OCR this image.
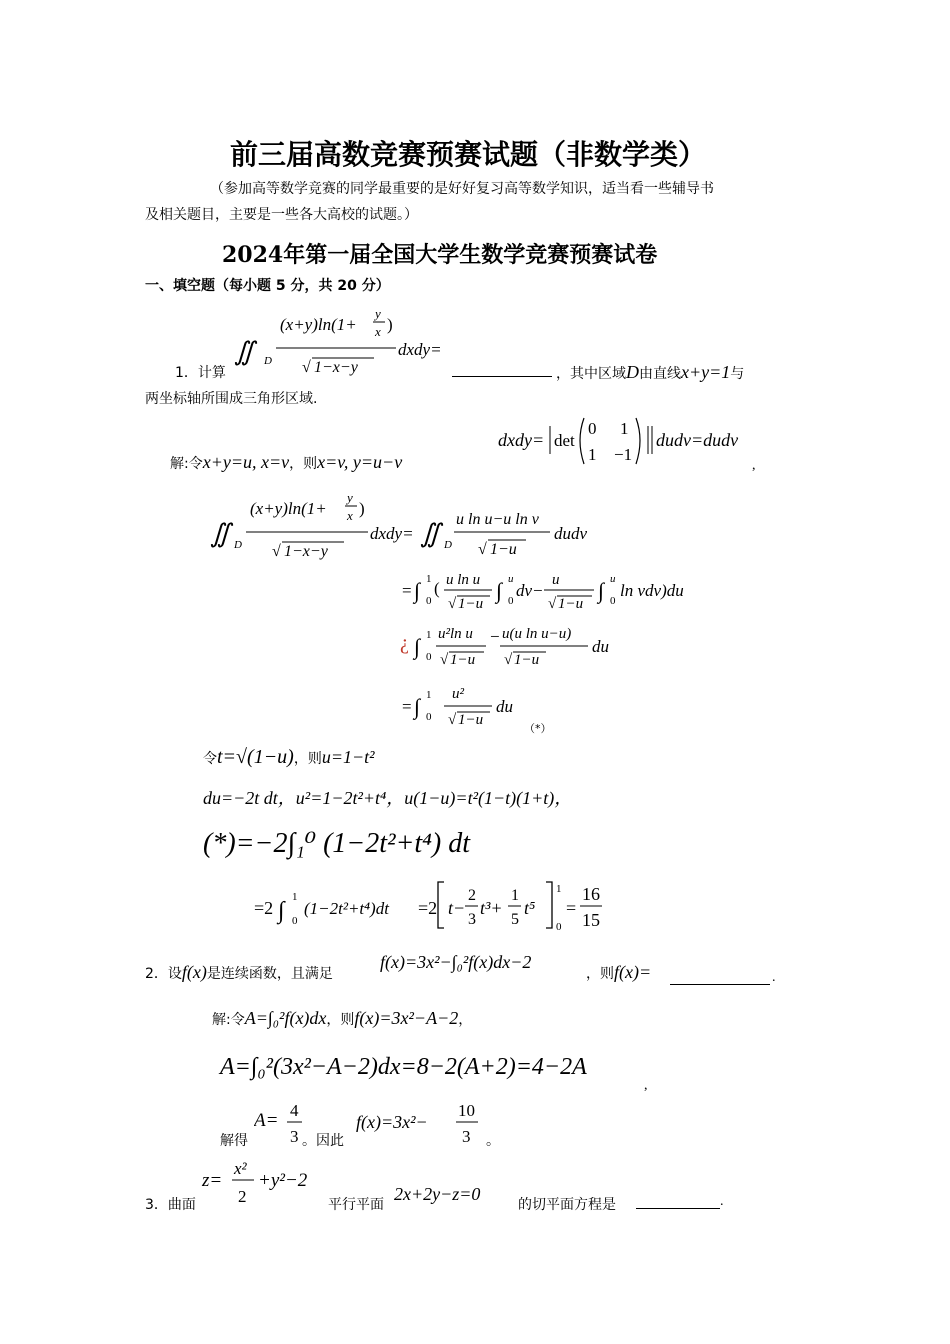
前三届高数竞赛预赛试题（非数学类）
（参加高等数学竞赛的同学最重要的是好好复习高等数学知识，适当看一些辅导书
及相关题目，主要是一些各大高校的试题。）
2024年第一届全国大学生数学竞赛预赛试卷
一、填空题（每小题 5 分，共 20 分）
1．计算
∬ D
(x+y)ln(1+
y
x )
√ 1−x−y
dxdy=
，其中区域D由直线x+y=1与
两坐标轴所围成三角形区域.
解:令x+y=u, x=v，则x=v, y=u−v
dxdy= det
0 1
1 −1
dudv=dudv
,
∬ D
(x+y)ln(1+
y
x )
√ 1−x−y
dxdy= ∬ D
u ln u−u ln v
√ 1−u
dudv
= ∫ 1
0
( u ln u
√ 1−u
∫ u
0
dv−
u
√ 1−u
∫ u
0
ln vdv)du
¿ ∫ 1
0
u²ln u
√ 1−u
− u(u ln u−u)
√ 1−u
du
= ∫ 1
0
u²
√ 1−u
du
（*）
令t=√(1−u)，则u=1−t²
du=−2t dt，u²=1−2t²+t⁴，u(1−u)=t²(1−t)(1+t)，
(*)=−2∫₁⁰ (1−2t²+t⁴) dt
=2 ∫
1
0
(1−2t²+t⁴)dt =2 t−
2
3
t³+
1
5
t⁵
1
0
=
16
15
2．设f(x)是连续函数，且满足
f(x)=3x²−∫₀²f(x)dx−2
，则f(x)=	.
解:令A=∫₀²f(x)dx，则f(x)=3x²−A−2，
A=∫₀²(3x²−A−2)dx=8−2(A+2)=4−2A
,
解得
A= 4
3 。因此
f(x)=3x²−
10
3 。
3．曲面
z=
x²
2
+y²−2
平行平面
2x+2y−z=0
的切平面方程是	.
